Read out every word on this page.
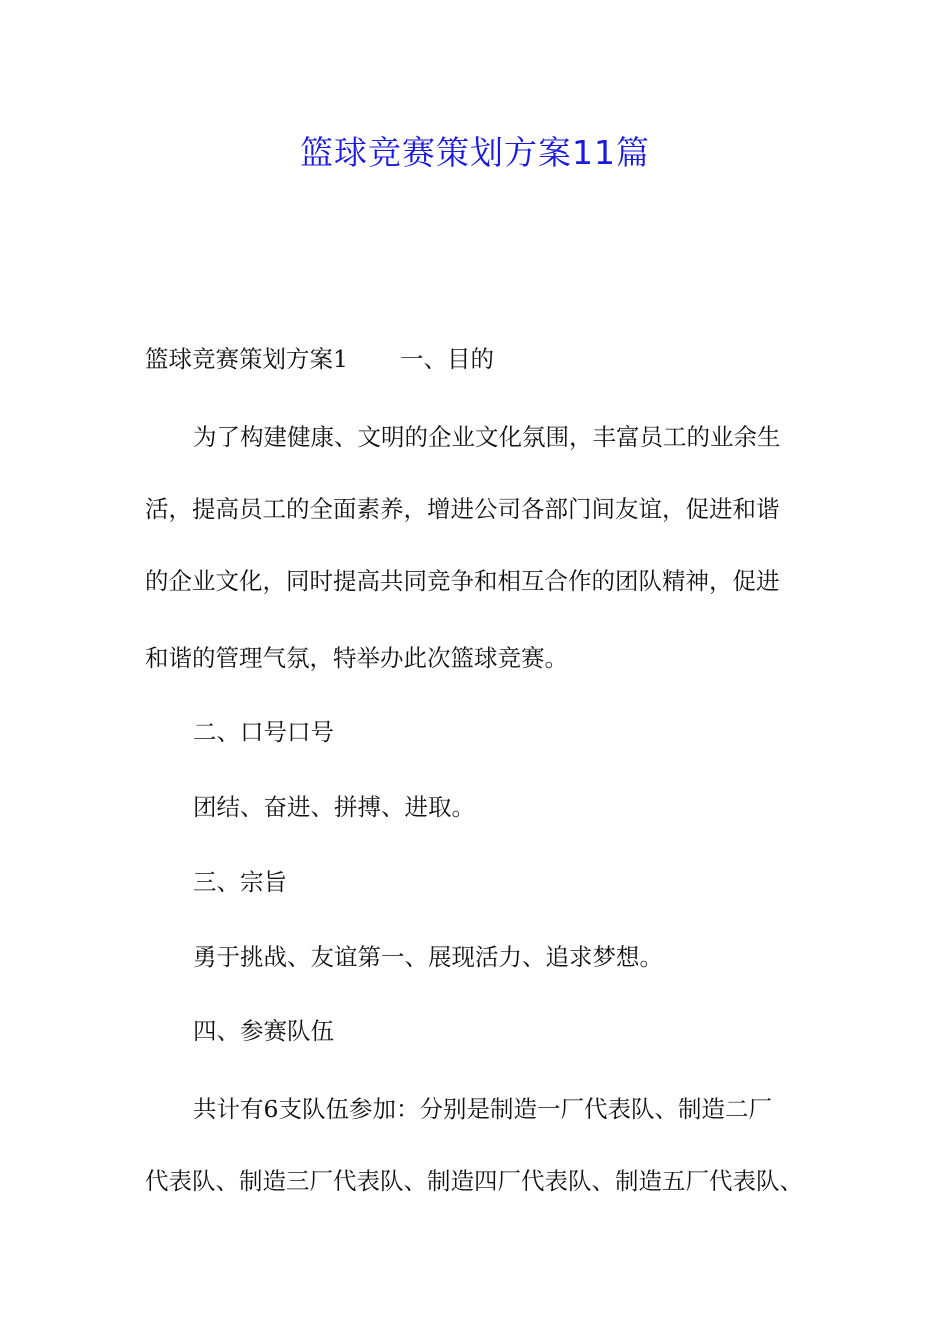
篮球竞赛策划方案11篇

篮球竞赛策划方案1 一、目的

为了构建健康、文明的企业文化氛围，丰富员工的业余生

活，提高员工的全面素养，增进公司各部门间友谊，促进和谐

的企业文化，同时提高共同竞争和相互合作的团队精神，促进

和谐的管理气氛，特举办此次篮球竞赛。

二、口号口号

团结、奋进、拼搏、进取。

三、宗旨

勇于挑战、友谊第一、展现活力、追求梦想。

四、参赛队伍

共计有6支队伍参加：分别是制造一厂代表队、制造二厂

代表队、制造三厂代表队、制造四厂代表队、制造五厂代表队、
